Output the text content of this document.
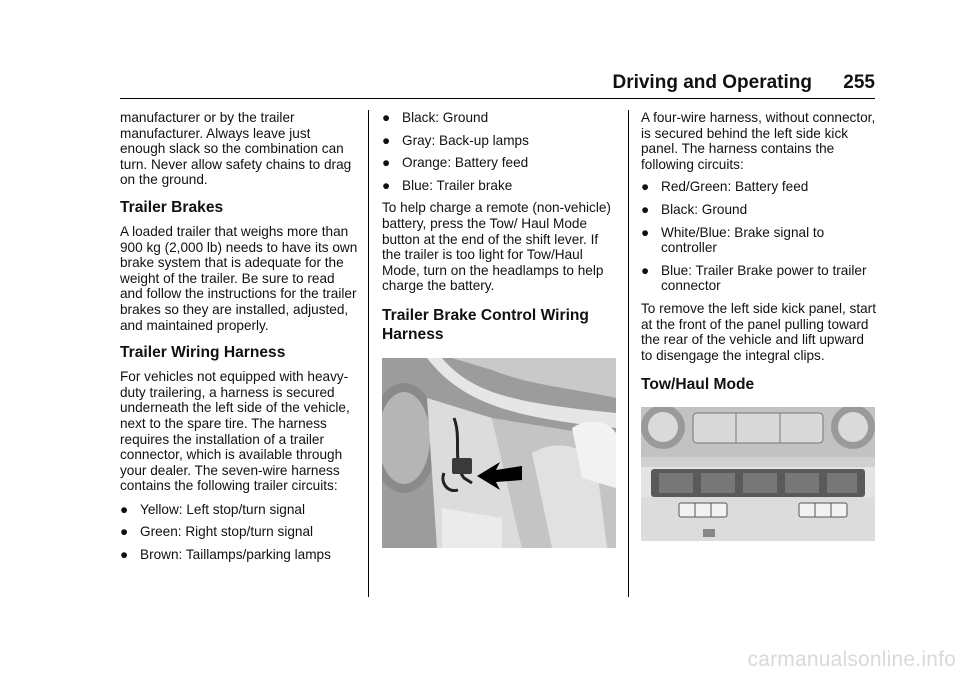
Driving and Operating 255

manufacturer or by the trailer manufacturer. Always leave just enough slack so the combination can turn. Never allow safety chains to drag on the ground.

Trailer Brakes

A loaded trailer that weighs more than 900 kg (2,000 lb) needs to have its own brake system that is adequate for the weight of the trailer. Be sure to read and follow the instructions for the trailer brakes so they are installed, adjusted, and maintained properly.

Trailer Wiring Harness

For vehicles not equipped with heavy-duty trailering, a harness is secured underneath the left side of the vehicle, next to the spare tire. The harness requires the installation of a trailer connector, which is available through your dealer. The seven-wire harness contains the following trailer circuits:

● Yellow: Left stop/turn signal
● Green: Right stop/turn signal
● Brown: Taillamps/parking lamps
● Black: Ground
● Gray: Back-up lamps
● Orange: Battery feed
● Blue: Trailer brake

To help charge a remote (non-vehicle) battery, press the Tow/ Haul Mode button at the end of the shift lever. If the trailer is too light for Tow/Haul Mode, turn on the headlamps to help charge the battery.

Trailer Brake Control Wiring
Harness

A four-wire harness, without connector, is secured behind the left side kick panel. The harness contains the following circuits:

● Red/Green: Battery feed
● Black: Ground
● White/Blue: Brake signal to controller
● Blue: Trailer Brake power to trailer connector

To remove the left side kick panel, start at the front of the panel pulling toward the rear of the vehicle and lift upward to disengage the integral clips.

Tow/Haul Mode
carmanualsonline.info
